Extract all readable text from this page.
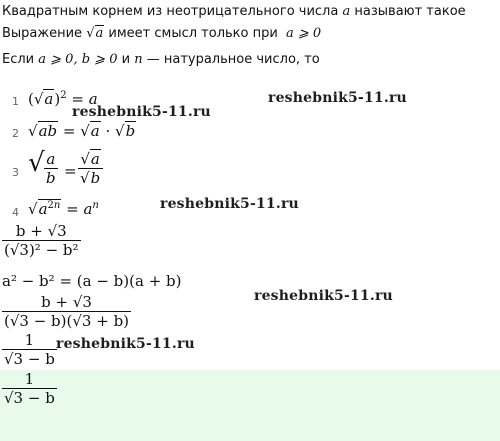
Квадратным корнем из неотрицательного числа a называют такое
Выражение √a имеет смысл только при a ⩾ 0
Если a ⩾ 0, b ⩾ 0 и n — натуральное число, то
1 $(√a)^2 = a$
2 √ab = √a · √b
3 √ a
b =
√a
√b
4 $√a^{2n} = a^n$
b + √3
(√3)² − b²
a² − b² = (a − b)(a + b)
b + √3
(√3 − b)(√3 + b)
1
√3 − b
1
√3 − b
reshebnik5-11.ru
reshebnik5-11.ru
reshebnik5-11.ru
reshebnik5-11.ru
reshebnik5-11.ru
